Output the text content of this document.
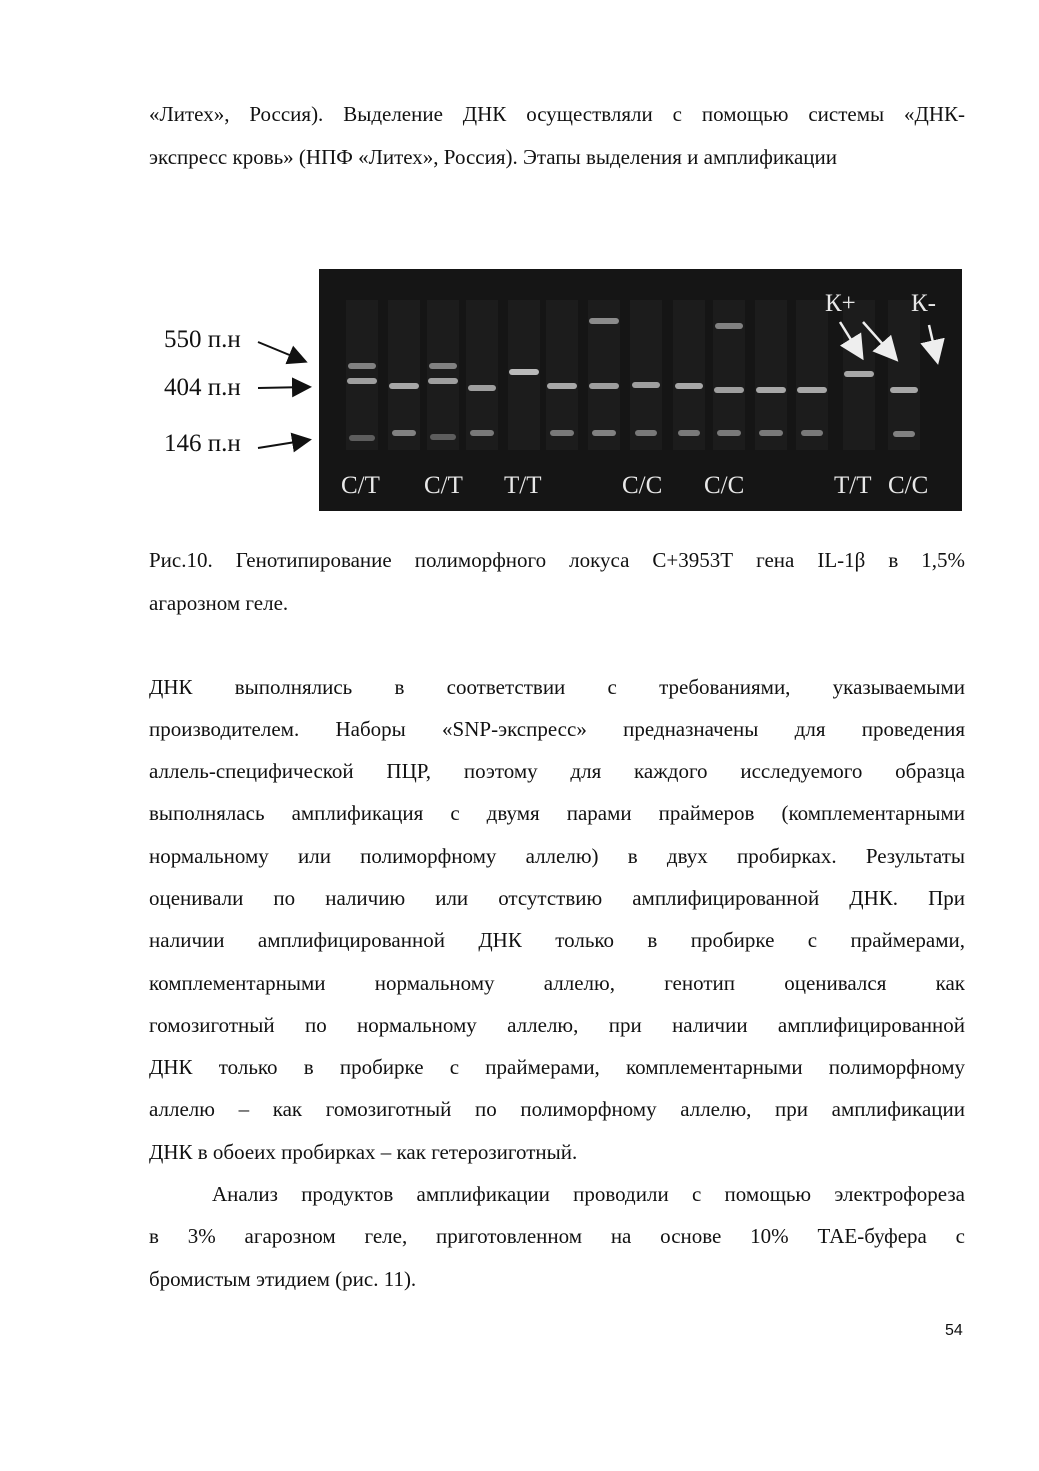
«Литех», Россия). Выделение ДНК осуществляли с помощью системы «ДНК-
экспресс кровь» (НПФ «Литех», Россия). Этапы выделения и амплификации
550 п.н
404 п.н
146 п.н
C/T C/T T/T	C/C C/C	T/T C/C
К+ К-
Рис.10. Генотипирование полиморфного локуса С+3953Т гена IL-1β в 1,5%
агарозном геле.
ДНК выполнялись в соответствии с требованиями, указываемыми
производителем. Наборы «SNP-экспресс» предназначены для проведения
аллель-специфической ПЦР, поэтому для каждого исследуемого образца
выполнялась амплификация с двумя парами праймеров (комплементарными
нормальному или полиморфному аллелю) в двух пробирках. Результаты
оценивали по наличию или отсутствию амплифицированной ДНК. При
наличии амплифицированной ДНК только в пробирке с праймерами,
комплементарными нормальному аллелю, генотип оценивался как
гомозиготный по нормальному аллелю, при наличии амплифицированной
ДНК только в пробирке с праймерами, комплементарными полиморфному
аллелю – как гомозиготный по полиморфному аллелю, при амплификации
ДНК в обоеих пробирках – как гетерозиготный.
Анализ продуктов амплификации проводили с помощью электрофореза
в 3% агарозном геле, приготовленном на основе 10% ТАЕ-буфера с
бромистым этидием (рис. 11).
54
